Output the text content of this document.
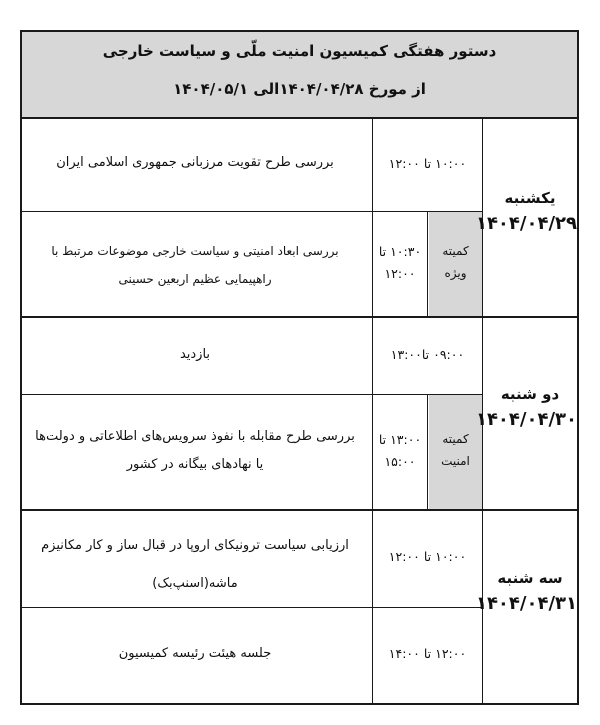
دستور هفتگی کمیسیون امنیت ملّی و سیاست خارجی
از مورخ ۱۴۰۴/۰۴/۲۸الی ۱۴۰۴/۰۵/۱
کمیته
ویژه
کمیته
امنیت
یکشنبه
۱۴۰۴/۰۴/۲۹
۱۰:۰۰ تا ۱۲:۰۰
بررسی طرح تقویت مرزبانی جمهوری اسلامی ایران
۱۰:۳۰ تا
۱۲:۰۰
بررسی ابعاد امنیتی و سیاست خارجی موضوعات مرتبط با راهپیمایی عظیم اربعین حسینی
دو شنبه
۱۴۰۴/۰۴/۳۰
۰۹:۰۰ تا۱۳:۰۰
بازدید
۱۳:۰۰ تا
۱۵:۰۰
بررسی طرح مقابله با نفوذ سرویس‌های اطلاعاتی و دولت‌ها یا نهادهای بیگانه در کشور
سه شنبه
۱۴۰۴/۰۴/۳۱
۱۰:۰۰ تا ۱۲:۰۰
ارزیابی سیاست ترونیکای اروپا در قبال ساز و کار مکانیزم ماشه(اسنپ‌بک)
۱۲:۰۰ تا ۱۴:۰۰
جلسه هیئت رئیسه کمیسیون
